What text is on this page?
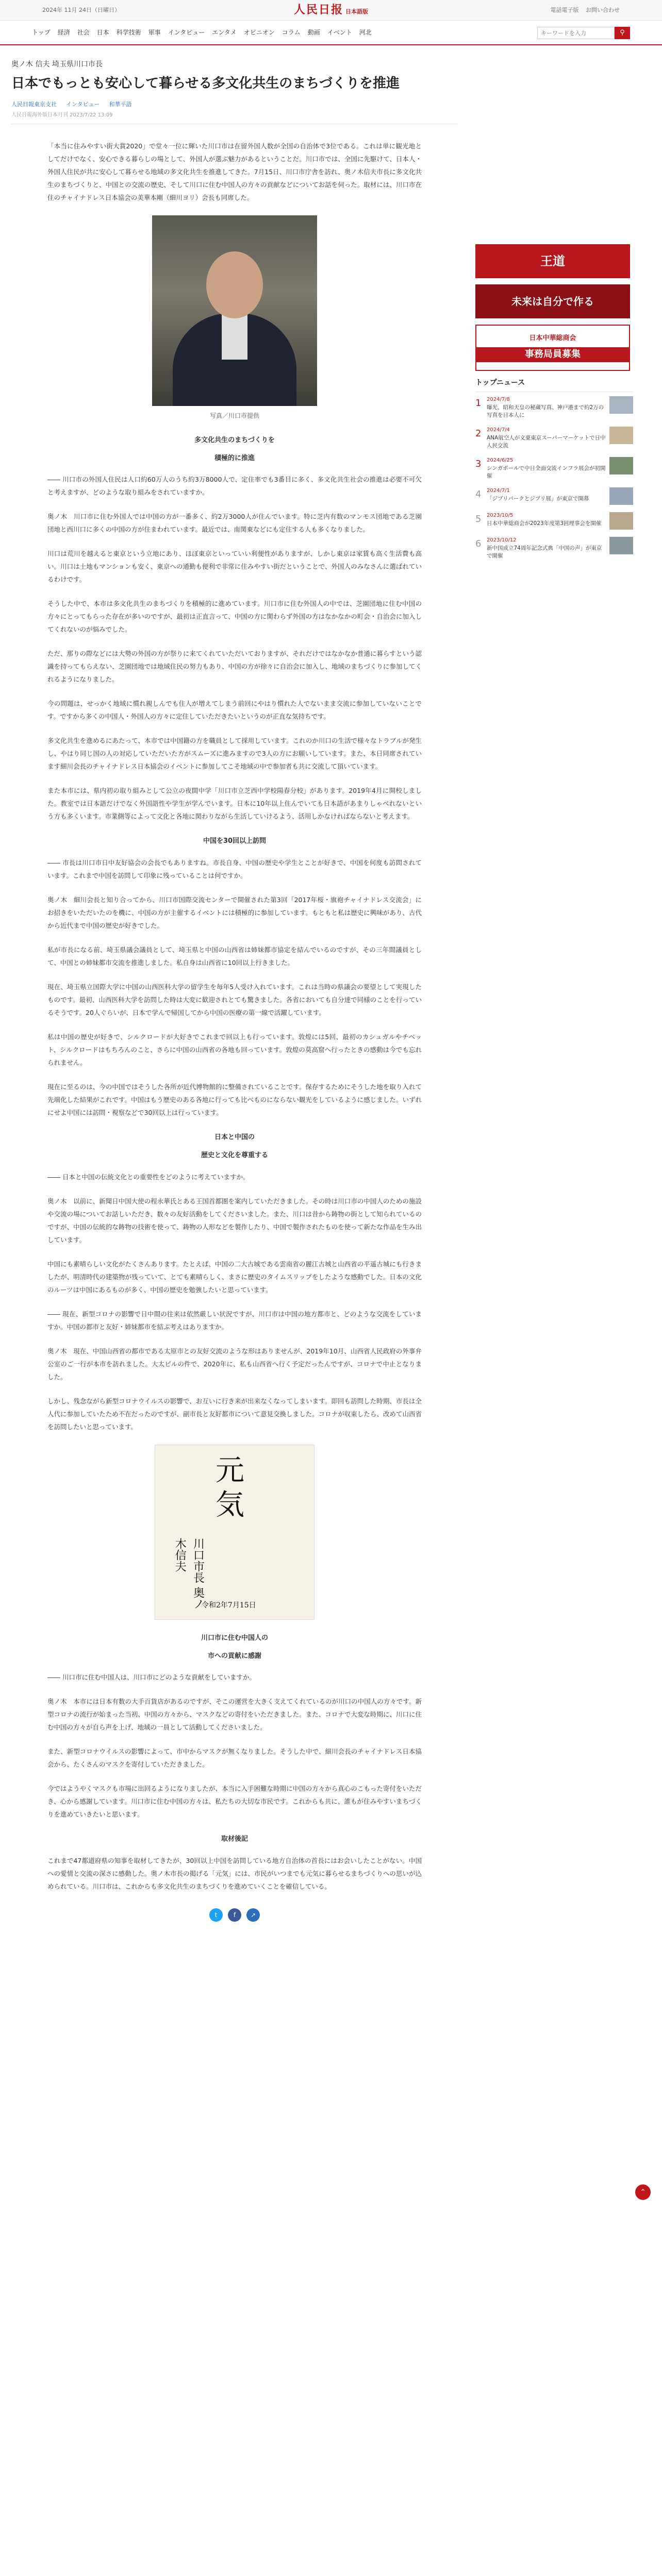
2024年 11月 24日（日曜日）	人民日报 日本語版	電話電子版 お問い合わせ
トップ 経済 社会 日本 科学技術 軍事 インタビュー エンタメ オピニオン コラム 動画 イベント 河北
キーワードを入力	⚲
奥ノ木 信夫 埼玉県川口市長
日本でもっとも安心して暮らせる多文化共生のまちづくりを推進
人民日報東京支社 インタビュー 和華平語
人民日報海外版日本月刊 2023/7/22 13:09

「本当に住みやすい街大賞2020」で堂々一位に輝いた川口市は在留外国人数が全国の自治体で3位である。これは単に観光地としてだけでなく、安心できる暮らしの場として、外国人が選ぶ魅力があるということだ。川口市では、全国に先駆けて、日本人・外国人住民が共に安心して暮らせる地域の多文化共生を推進してきた。7月15日、川口市庁舎を訪れ、奥ノ木信夫市長に多文化共生のまちづくりと、中国との交流の歴史、そして川口に住む中国人の方々の貢献などについてお話を伺った。取材には、川口市在住のチャイナドレス日本協会の美華本剛（細川ヨリ）会長も同席した。

写真／川口市提供
多文化共生のまちづくりを
積極的に推進

―― 川口市の外国人住民は人口約60万人のうち約3万8000人で、定住率でも3番目に多く、多文化共生社会の推進は必要不可欠と考えますが、どのような取り組みをされていますか。

奥ノ木　川口市に住む外国人では中国の方が一番多く、約2万3000人が住んでいます。特に芝内有数のマンモス団地である芝園団地と西川口に多くの中国の方が住まわれています。最近では、南関東などにも定住する人も多くなりました。

川口は荒川を越えると東京という立地にあり、ほぼ東京といっていい利便性がありますが、しかし東京は家賃も高く生活費も高い。川口は土地もマンションも安く、東京への通勤も便利で非常に住みやすい街だということで、外国人のみなさんに選ばれているわけです。

そうした中で、本市は多文化共生のまちづくりを積極的に進めています。川口市に住む外国人の中では、芝園団地に住む中国の方々にとってもらった存在が多いのですが、最初は正直言って、中国の方に関わらず外国の方はなかなかの町会・自治会に加入してくれないのが悩みでした。

ただ、那りの際などには大勢の外国の方が祭りに来てくれていただいておりますが、それだけではなかなか普通に暮らすという認識を持ってもらえない、芝園団地では地域住民の努力もあり、中国の方が徐々に自治会に加入し、地域のまちづくりに参加してくれるようになりました。

今の問題は、せっかく地域に慣れ親しんでも住人が増えてしまう前回にやはり慣れた人でないまま交流に参加していないことです。ですから多くの中国人・外国人の方々に定住していただきたいというのが正直な気持ちです。

多文化共生を進めるにあたって、本市では中国籍の方を職員として採用しています。これのか川口の生活で様々なトラブルが発生し、やはり同じ国の人の対応していただいた方がスムーズに進みますので3人の方にお願いしています。また、本日同席されています細川会長のチャイナドレス日本協会のイベントに参加してこそ地域の中で参加者も共に交流して頂いています。

また本市には、県内初の取り組みとして公立の夜間中学「川口市立芝西中学校陽春分校」があります。2019年4月に開校しました。教室では日本語だけでなく外国語性や学生が学んでいます。日本に10年以上住んでいても日本語があまりしゃべれないという方も多くいます。市業側等によって文化と各地に関わりながら生活していけるよう、活用しかなければならないと考えます。

中国を30回以上訪問

―― 市長は川口市日中友好協会の会長でもありますね。市長自身、中国の歴史や学生とことが好きで、中国を何度も訪問されています。これまで中国を訪問して印象に残っていることは何ですか。

奥ノ木　細川会長と知り合ってから、川口市国際交流センターで開催された第3回「2017年桜・旗袍チャイナドレス交流会」にお招きをいただいたのを機に、中国の方が主催するイベントには積極的に参加しています。もともと私は歴史に興味があり、古代から近代まで中国の歴史が好きでした。

私が市長になる前、埼玉県議会議員として、埼玉県と中国の山西省は姉妹都市協定を結んでいるのですが、その三年間議員として、中国との姉妹都市交流を推進しました。私自身は山西省に10回以上行きました。

現在、埼玉県立国際大学に中国の山西医科大学の留学生を毎年5人受け入れています。これは当時の県議会の要望として実現したものです。最初、山西医科大学を訪問した時は大変に歓迎されとても驚きました。各省においても自分達で同様のことを行っているそうです。20人ぐらいが、日本で学んで帰国してから中国の医療の第一線で活躍しています。

私は中国の歴史が好きで、シルクロードが大好きでこれまで回以上も行っています。敦煌には5回、最初のカシュガルやチベット、シルクロードはもちろんのこと、さらに中国の山西省の各地も回っています。敦煌の莫高窟へ行ったときの感動は今でも忘れられません。

現在に至るのは、今の中国ではそうした各所が近代博物館的に整備されていることです。保存するためにそうした地を取り入れて先端化した結果がこれです。中国はもう歴史のある各地に行っても比べものにならない観光をしているように感じました。いずれにせよ中国には訪問・視察などで30回以上は行っています。

日本と中国の
歴史と文化を尊重する

―― 日本と中国の伝統文化との重要性をどのように考えていますか。

奥ノ木　以前に、新聞日中国大使の程永華氏とある王国首都圏を案内していただきました。その時は川口市の中国人のための施設や交流の場についてお話しいただき、数々の友好活動をしてくださいました。また、川口は昔から鋳物の街として知られているのですが、中国の伝統的な鋳物の技術を使って、鋳物の人形などを製作したり、中国で製作されたものを使って新たな作品を生み出しています。

中国にも素晴らしい文化がたくさんあります。たとえば、中国の二大古城である雲南省の麗江古城と山西省の平遥古城にも行きましたが、明清時代の建築物が残っていて、とても素晴らしく、まさに歴史のタイムスリップをしたような感動でした。日本の文化のルーツは中国にあるものが多く、中国の歴史を勉強したいと思っています。

―― 現在、新型コロナの影響で日中間の往来は依然厳しい状況ですが、川口市は中国の地方都市と、どのような交流をしていますか。中国の都市と友好・姉妹都市を結ぶ考えはありますか。

奥ノ木　現在、中国山西省の都市である太原市との友好交流のような形はありませんが、2019年10月、山西省人民政府の外事弁公室のご一行が本市を訪れました。大太ビルの件で、2020年に、私も山西省へ行く予定だったんですが、コロナで中止となりました。

しかし、残念ながら新型コロナウイルスの影響で、お互いに行き来が出来なくなってしまいます。即回も訪問した時期、市長は全人代に参加していたため不在だったのですが、副市長と友好都市について意見交換しました。コロナが収束したら、改めて山西省を訪問したいと思っています。

元気
川口市長 奥ノ木信夫
令和2年7月15日
川口市に住む中国人の
市への貢献に感謝

―― 川口市に住む中国人は、川口市にどのような貢献をしていますか。

奥ノ木　本市には日本有数の大手百貨店があるのですが、そこの運営を大きく支えてくれているのが川口の中国人の方々です。新型コロナの流行が始まった当初、中国の方々から、マスクなどの寄付をいただきました。また、コロナで大変な時期に、川口に住む中国の方々が自ら声を上げ、地域の一員として活動してくださいました。

また、新型コロナウイルスの影響によって、市中からマスクが無くなりました。そうした中で、細川会長のチャイナドレス日本協会から、たくさんのマスクを寄付していただきました。

今ではようやくマスクも市場に出回るようになりましたが、本当に入手困難な時期に中国の方々から真心のこもった寄付をいただき、心から感謝しています。川口市に住む中国の方々は、私たちの大切な市民です。これからも共に、誰もが住みやすいまちづくりを進めていきたいと思います。

取材後記

これまで47都道府県の知事を取材してきたが、30回以上中国を訪問している地方自治体の首長にはお会いしたことがない。中国への愛情と交流の深さに感動した。奥ノ木市長の掲げる「元気」には、市民がいつまでも元気に暮らせるまちづくりへの思いが込められている。川口市は、これからも多文化共生のまちづくりを進めていくことを確信している。

t	f	↗
王道
未来は自分で作る
日本中華総商会
事務局員募集
トップニュース
1	2024/7/8
曝光、昭和天皇の秘蔵写真、神戸港まで約2万の写真を日本人に
2	2024/7/4
ANA航空人が文豪東京スーパーマーケットで日中人民交流
3	2024/6/25
シンガポールで中日全面交流インフラ展会が初開催
4	2024/7/1
「ジブリパークとジブリ展」が東京で開幕
5	2023/10/5
日本中華総商会が2023年度第3回理事会を開催
6	2023/10/12
新中国成立74周年記念式典「中国の声」が東京で開催
⌃
